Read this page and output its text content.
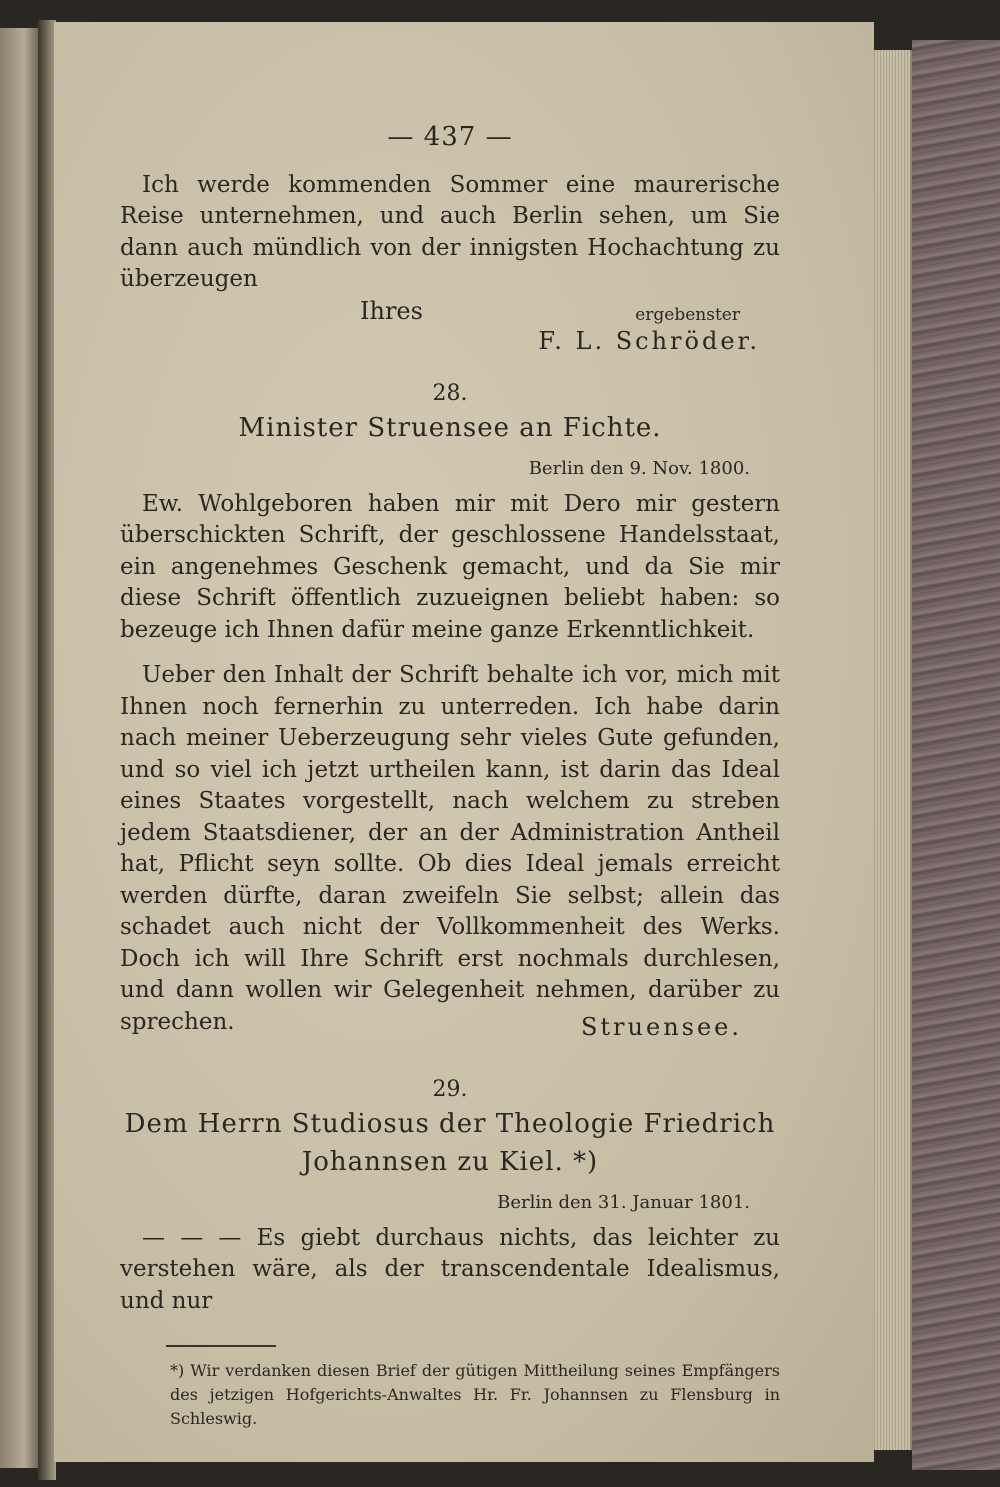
— 437 —

Ich werde kommenden Sommer eine maurerische Reise unternehmen, und auch Berlin sehen, um Sie dann auch mündlich von der innigsten Hochachtung zu überzeugen

Ihres	ergebenster
F. L. Schröder.
28.
Minister Struensee an Fichte.
Berlin den 9. Nov. 1800.

Ew. Wohlgeboren haben mir mit Dero mir gestern überschickten Schrift, der geschlossene Handelsstaat, ein angenehmes Geschenk gemacht, und da Sie mir diese Schrift öffentlich zuzueignen beliebt haben: so bezeuge ich Ihnen dafür meine ganze Erkenntlichkeit.

Ueber den Inhalt der Schrift behalte ich vor, mich mit Ihnen noch fernerhin zu unterreden. Ich habe darin nach meiner Ueberzeugung sehr vieles Gute gefunden, und so viel ich jetzt urtheilen kann, ist darin das Ideal eines Staates vorgestellt, nach welchem zu streben jedem Staatsdiener, der an der Administration Antheil hat, Pflicht seyn sollte. Ob dies Ideal jemals erreicht werden dürfte, daran zweifeln Sie selbst; allein das schadet auch nicht der Vollkommenheit des Werks. Doch ich will Ihre Schrift erst nochmals durchlesen, und dann wollen wir Gelegenheit nehmen, darüber zu sprechen.	Struensee.
29.
Dem Herrn Studiosus der Theologie Friedrich
Johannsen zu Kiel. *)
Berlin den 31. Januar 1801.

— — — Es giebt durchaus nichts, das leichter zu verstehen wäre, als der transcendentale Idealismus, und nur

*) Wir verdanken diesen Brief der gütigen Mittheilung seines Empfängers des jetzigen Hofgerichts-Anwaltes Hr. Fr. Johannsen zu Flensburg in Schleswig.
